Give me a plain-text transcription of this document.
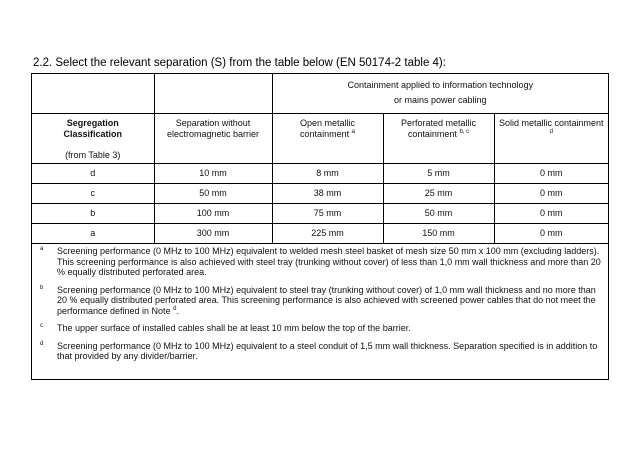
2.2. Select the relevant separation (S) from the table below (EN 50174-2 table 4):

		Containment applied to information technology
or mains power cabling		

Segregation
Classification
(from Table 3)	Separation without electromagnetic barrier	Open metallic containment $^a$	Perforated metallic containment $^{b, c}$	Solid metallic containment $^d$
d	10 mm	8 mm	5 mm	0 mm
c	50 mm	38 mm	25 mm	0 mm
b	100 mm	75 mm	50 mm	0 mm
a	300 mm	225 mm	150 mm	0 mm
a Screening performance (0 MHz to 100 MHz) equivalent to welded mesh steel basket of mesh size 50 mm x 100 mm (excluding ladders). This screening performance is also achieved with steel tray (trunking without cover) of less than 1,0 mm wall thickness and more than 20 % equally distributed perforated area.
b Screening performance (0 MHz to 100 MHz) equivalent to steel tray (trunking without cover) of 1,0 mm wall thickness and no more than 20 % equally distributed perforated area. This screening performance is also achieved with screened power cables that do not meet the performance defined in Note $^d$.
c The upper surface of installed cables shall be at least 10 mm below the top of the barrier.
d Screening performance (0 MHz to 100 MHz) equivalent to a steel conduit of 1,5 mm wall thickness. Separation specified is in addition to that provided by any divider/barrier.
